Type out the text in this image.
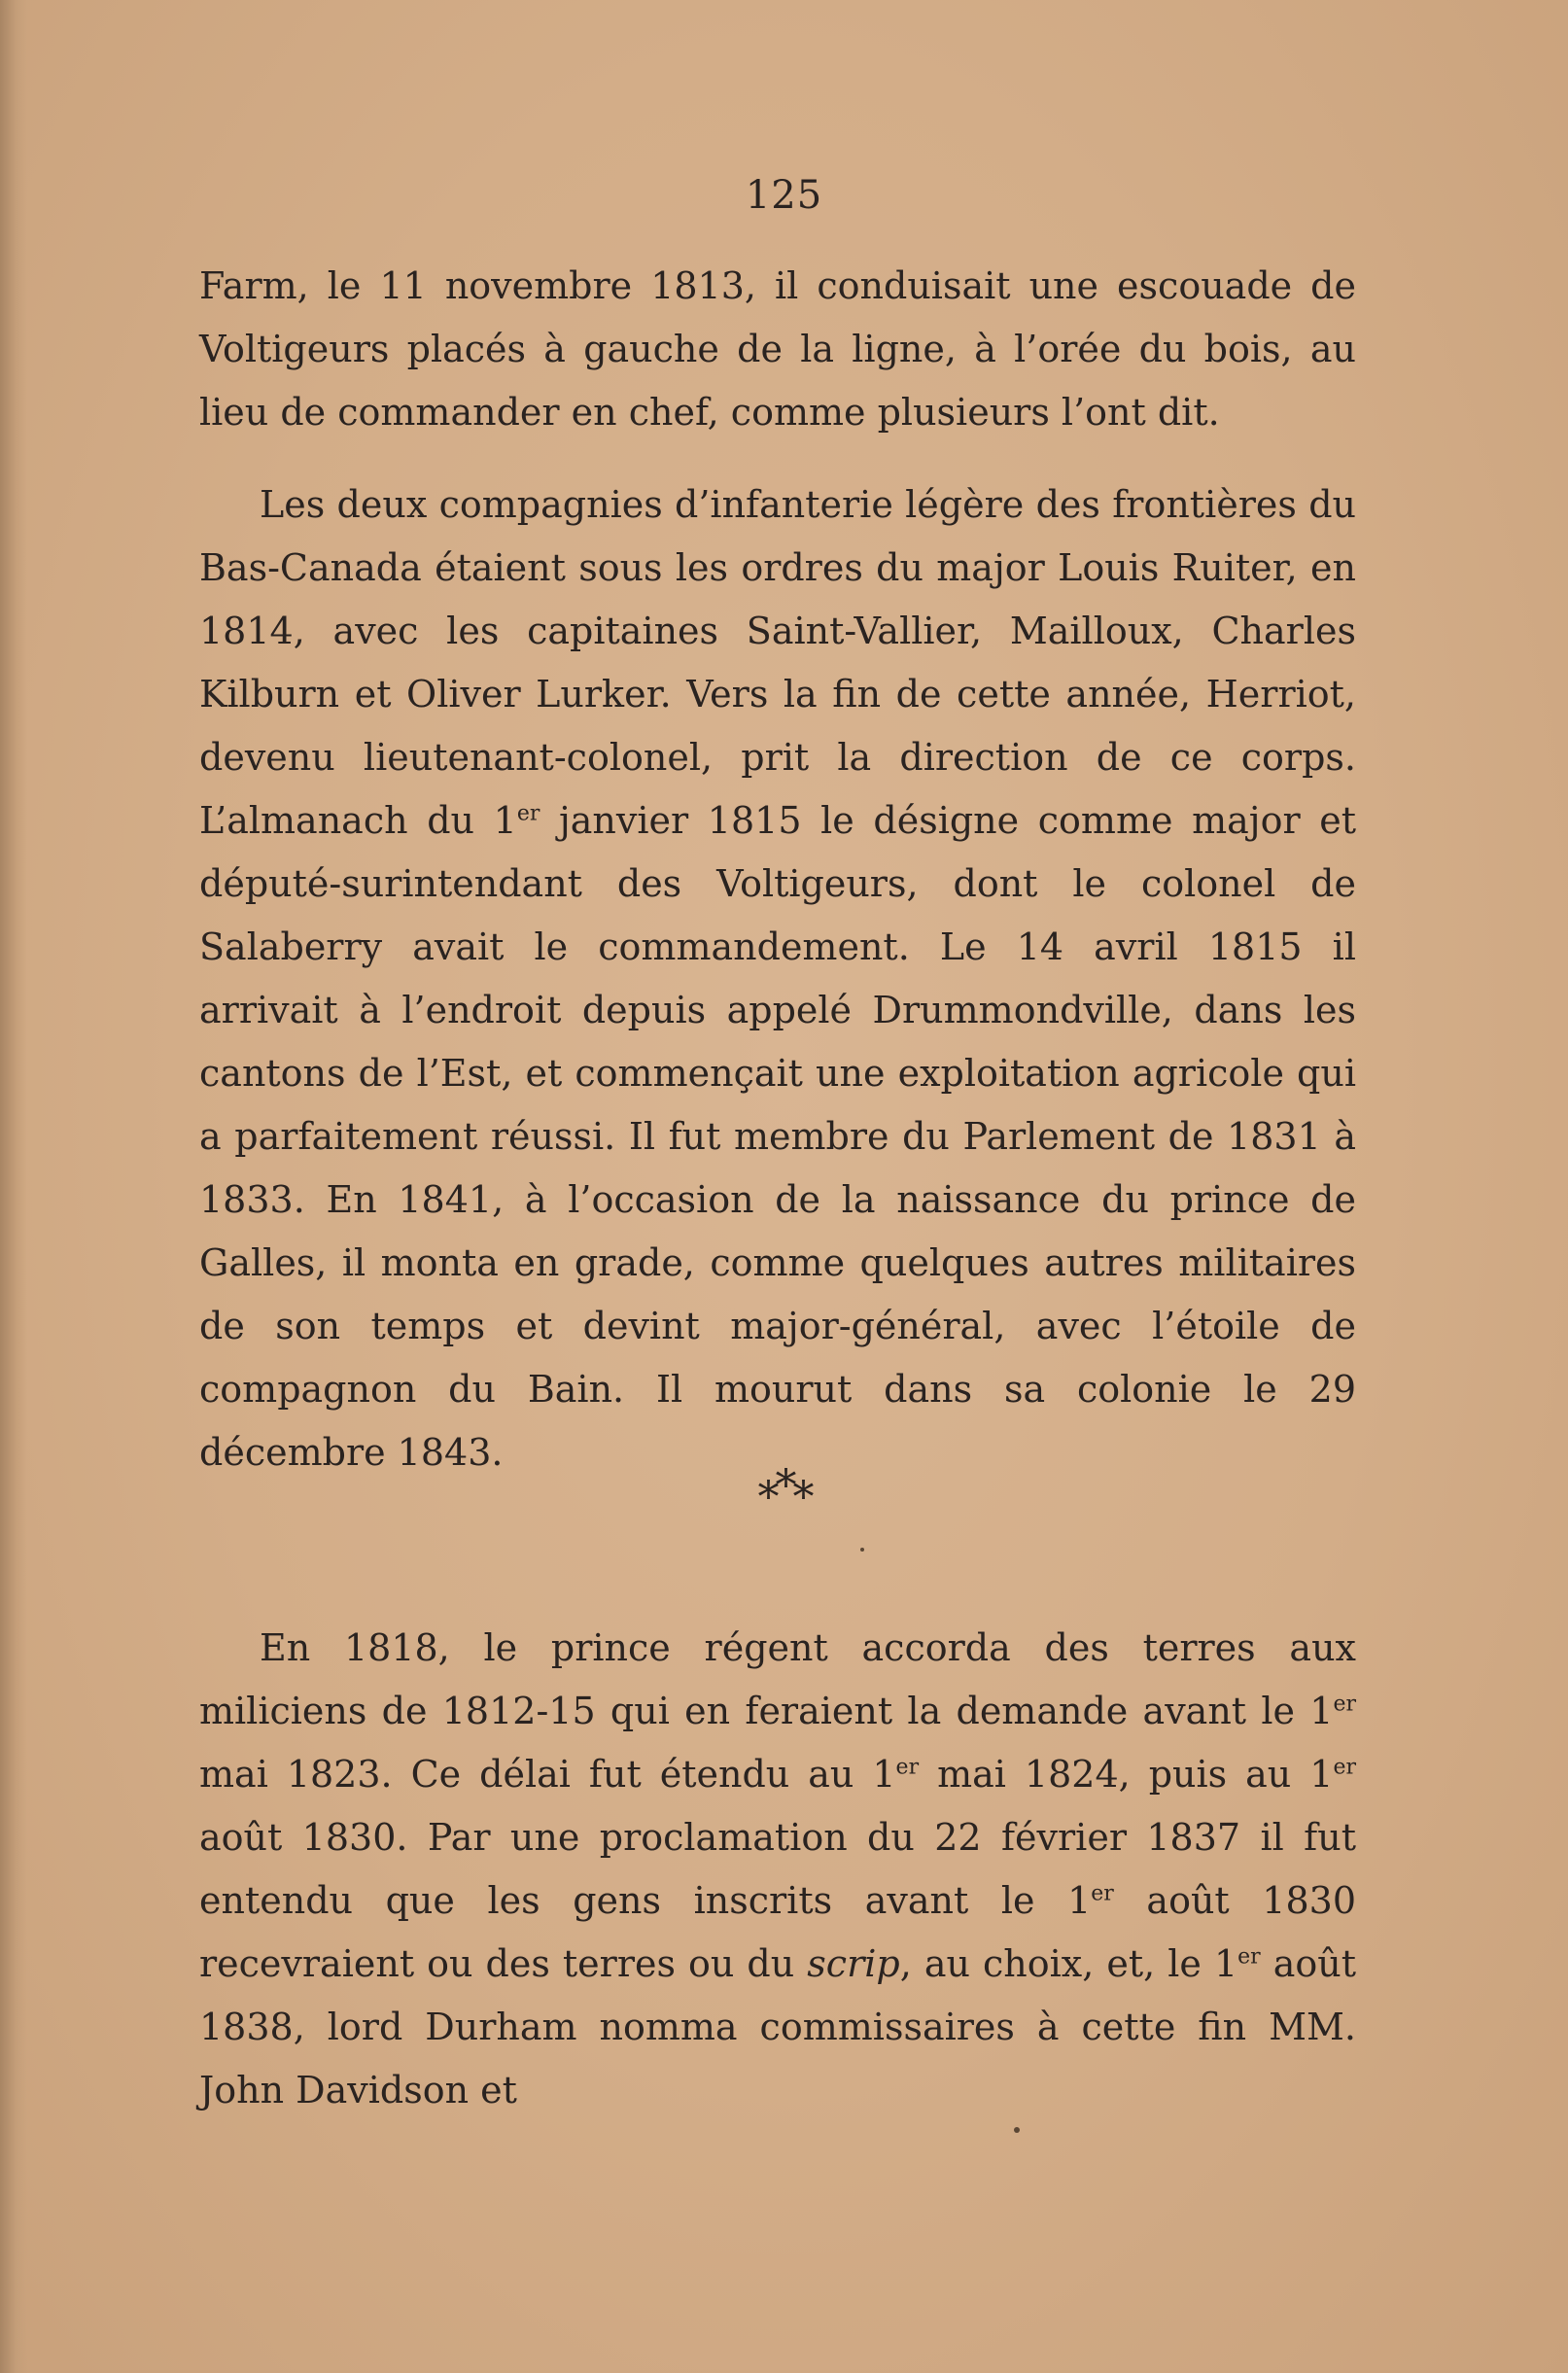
125

Farm, le 11 novembre 1813, il conduisait une escouade de Voltigeurs placés à gauche de la ligne, à l’orée du bois, au lieu de commander en chef, comme plusieurs l’ont dit.

Les deux compagnies d’infanterie légère des frontières du Bas-Canada étaient sous les ordres du major Louis Ruiter, en 1814, avec les capitaines Saint-Vallier, Mailloux, Charles Kilburn et Oliver Lurker. Vers la fin de cette année, Herriot, devenu lieutenant-colonel, prit la direction de ce corps. L’almanach du 1er janvier 1815 le désigne comme major et député-surintendant des Voltigeurs, dont le colonel de Salaberry avait le commandement. Le 14 avril 1815 il arrivait à l’endroit depuis appelé Drummondville, dans les cantons de l’Est, et commençait une exploitation agricole qui a parfaitement réussi. Il fut membre du Parlement de 1831 à 1833. En 1841, à l’occasion de la naissance du prince de Galles, il monta en grade, comme quelques autres militaires de son temps et devint major-général, avec l’étoile de compagnon du Bain. Il mourut dans sa colonie le 29 décembre 1843.

***

En 1818, le prince régent accorda des terres aux miliciens de 1812-15 qui en feraient la demande avant le 1er mai 1823. Ce délai fut étendu au 1er mai 1824, puis au 1er août 1830. Par une proclamation du 22 février 1837 il fut entendu que les gens inscrits avant le 1er août 1830 recevraient ou des terres ou du scrip, au choix, et, le 1er août 1838, lord Durham nomma commissaires à cette fin MM. John Davidson et
